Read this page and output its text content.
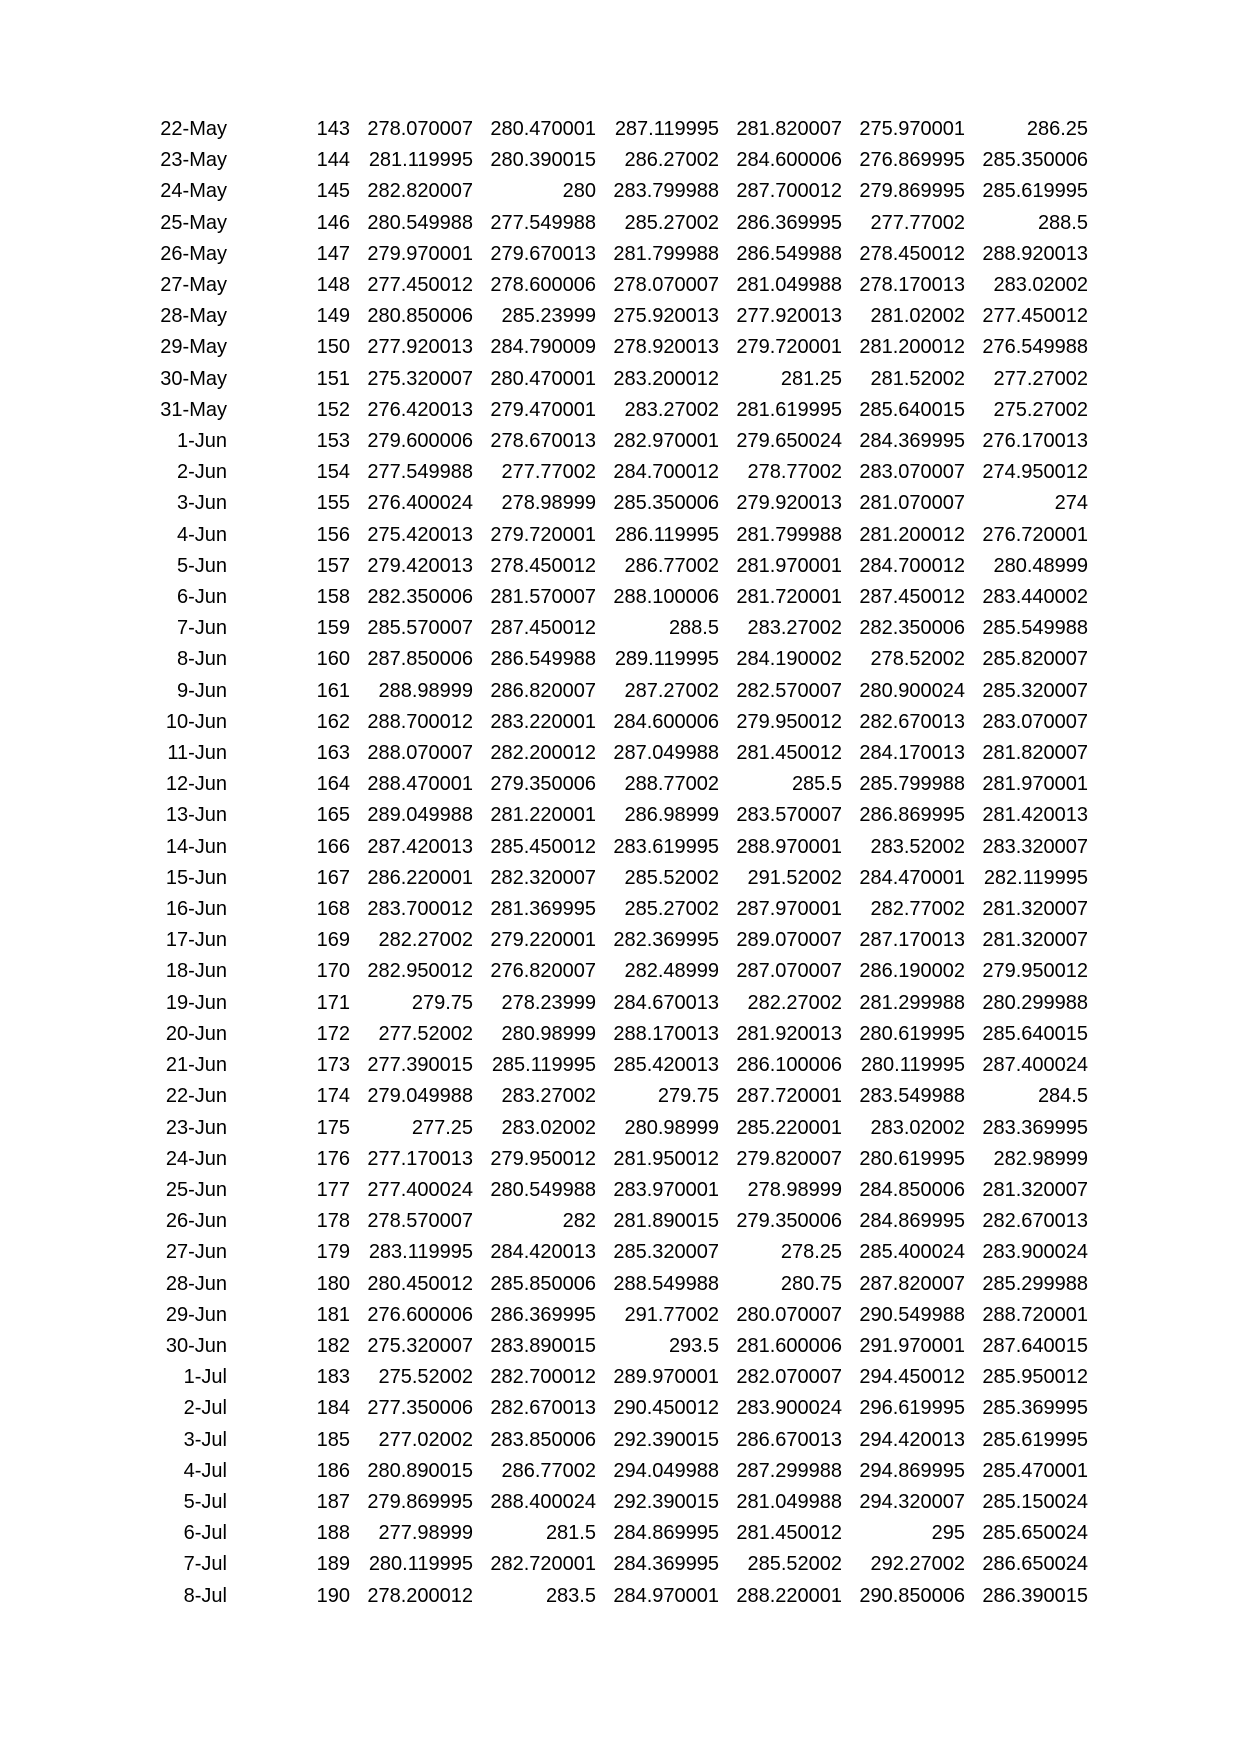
22-May	143	278.070007	280.470001	287.119995	281.820007	275.970001	286.25
23-May	144	281.119995	280.390015	286.27002	284.600006	276.869995	285.350006
24-May	145	282.820007	280	283.799988	287.700012	279.869995	285.619995
25-May	146	280.549988	277.549988	285.27002	286.369995	277.77002	288.5
26-May	147	279.970001	279.670013	281.799988	286.549988	278.450012	288.920013
27-May	148	277.450012	278.600006	278.070007	281.049988	278.170013	283.02002
28-May	149	280.850006	285.23999	275.920013	277.920013	281.02002	277.450012
29-May	150	277.920013	284.790009	278.920013	279.720001	281.200012	276.549988
30-May	151	275.320007	280.470001	283.200012	281.25	281.52002	277.27002
31-May	152	276.420013	279.470001	283.27002	281.619995	285.640015	275.27002
1-Jun	153	279.600006	278.670013	282.970001	279.650024	284.369995	276.170013
2-Jun	154	277.549988	277.77002	284.700012	278.77002	283.070007	274.950012
3-Jun	155	276.400024	278.98999	285.350006	279.920013	281.070007	274
4-Jun	156	275.420013	279.720001	286.119995	281.799988	281.200012	276.720001
5-Jun	157	279.420013	278.450012	286.77002	281.970001	284.700012	280.48999
6-Jun	158	282.350006	281.570007	288.100006	281.720001	287.450012	283.440002
7-Jun	159	285.570007	287.450012	288.5	283.27002	282.350006	285.549988
8-Jun	160	287.850006	286.549988	289.119995	284.190002	278.52002	285.820007
9-Jun	161	288.98999	286.820007	287.27002	282.570007	280.900024	285.320007
10-Jun	162	288.700012	283.220001	284.600006	279.950012	282.670013	283.070007
11-Jun	163	288.070007	282.200012	287.049988	281.450012	284.170013	281.820007
12-Jun	164	288.470001	279.350006	288.77002	285.5	285.799988	281.970001
13-Jun	165	289.049988	281.220001	286.98999	283.570007	286.869995	281.420013
14-Jun	166	287.420013	285.450012	283.619995	288.970001	283.52002	283.320007
15-Jun	167	286.220001	282.320007	285.52002	291.52002	284.470001	282.119995
16-Jun	168	283.700012	281.369995	285.27002	287.970001	282.77002	281.320007
17-Jun	169	282.27002	279.220001	282.369995	289.070007	287.170013	281.320007
18-Jun	170	282.950012	276.820007	282.48999	287.070007	286.190002	279.950012
19-Jun	171	279.75	278.23999	284.670013	282.27002	281.299988	280.299988
20-Jun	172	277.52002	280.98999	288.170013	281.920013	280.619995	285.640015
21-Jun	173	277.390015	285.119995	285.420013	286.100006	280.119995	287.400024
22-Jun	174	279.049988	283.27002	279.75	287.720001	283.549988	284.5
23-Jun	175	277.25	283.02002	280.98999	285.220001	283.02002	283.369995
24-Jun	176	277.170013	279.950012	281.950012	279.820007	280.619995	282.98999
25-Jun	177	277.400024	280.549988	283.970001	278.98999	284.850006	281.320007
26-Jun	178	278.570007	282	281.890015	279.350006	284.869995	282.670013
27-Jun	179	283.119995	284.420013	285.320007	278.25	285.400024	283.900024
28-Jun	180	280.450012	285.850006	288.549988	280.75	287.820007	285.299988
29-Jun	181	276.600006	286.369995	291.77002	280.070007	290.549988	288.720001
30-Jun	182	275.320007	283.890015	293.5	281.600006	291.970001	287.640015
1-Jul	183	275.52002	282.700012	289.970001	282.070007	294.450012	285.950012
2-Jul	184	277.350006	282.670013	290.450012	283.900024	296.619995	285.369995
3-Jul	185	277.02002	283.850006	292.390015	286.670013	294.420013	285.619995
4-Jul	186	280.890015	286.77002	294.049988	287.299988	294.869995	285.470001
5-Jul	187	279.869995	288.400024	292.390015	281.049988	294.320007	285.150024
6-Jul	188	277.98999	281.5	284.869995	281.450012	295	285.650024
7-Jul	189	280.119995	282.720001	284.369995	285.52002	292.27002	286.650024
8-Jul	190	278.200012	283.5	284.970001	288.220001	290.850006	286.390015
